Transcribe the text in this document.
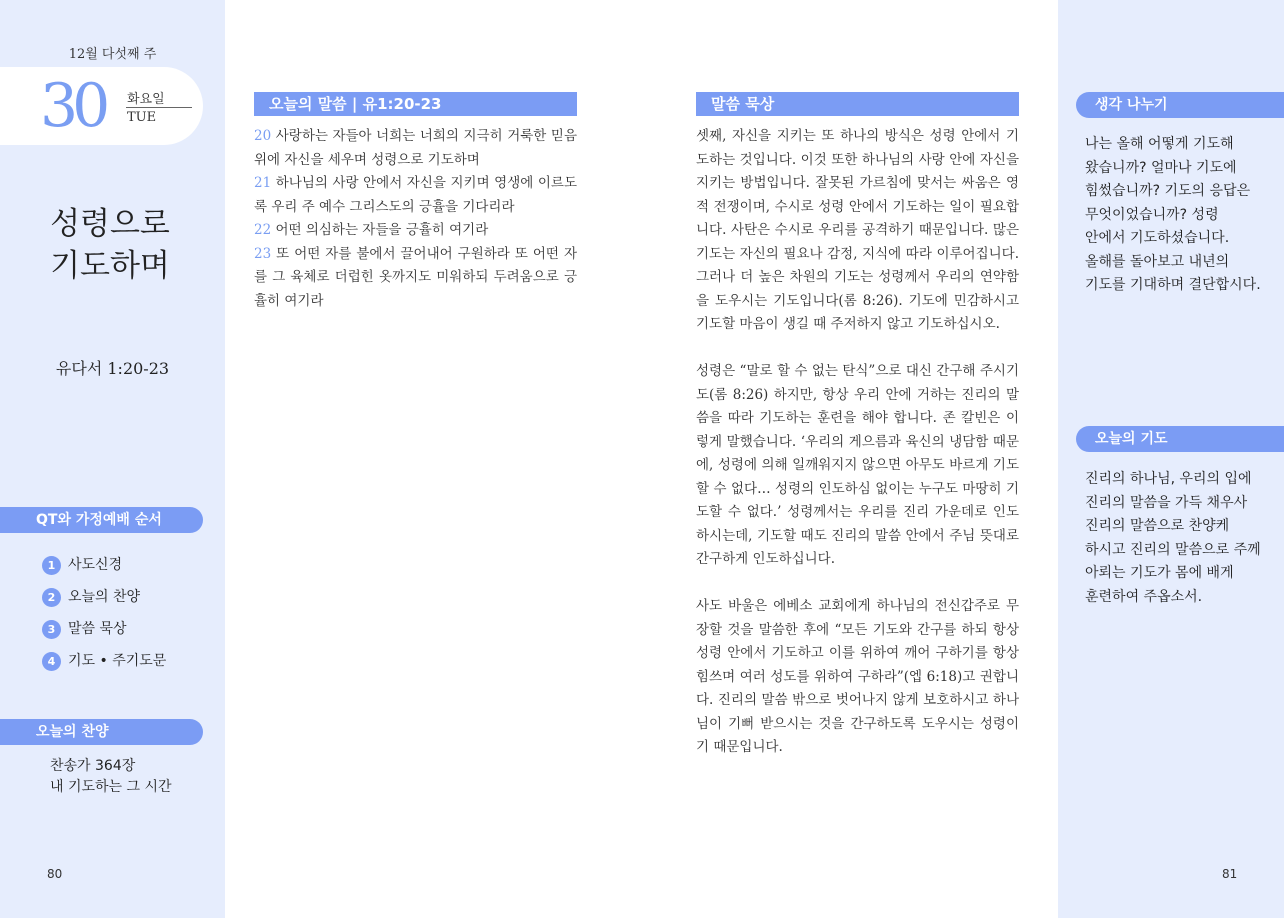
12월 다섯째 주
30 화요일
TUE
성령으로
기도하며
유다서 1:20-23
QT와 가정예배 순서
1 사도신경
2 오늘의 찬양
3 말씀 묵상
4 기도 • 주기도문
오늘의 찬양
찬송가 364장
내 기도하는 그 시간
80
오늘의 말씀 | 유1:20-23
20 사랑하는 자들아 너희는 너희의 지극히 거룩한 믿음 위에 자신을 세우며 성령으로 기도하며
21 하나님의 사랑 안에서 자신을 지키며 영생에 이르도록 우리 주 예수 그리스도의 긍휼을 기다리라
22 어떤 의심하는 자들을 긍휼히 여기라
23 또 어떤 자를 불에서 끌어내어 구원하라 또 어떤 자를 그 육체로 더럽힌 옷까지도 미워하되 두려움으로 긍휼히 여기라
말씀 묵상

셋째, 자신을 지키는 또 하나의 방식은 성령 안에서 기도하는 것입니다. 이것 또한 하나님의 사랑 안에 자신을 지키는 방법입니다. 잘못된 가르침에 맞서는 싸움은 영적 전쟁이며, 수시로 성령 안에서 기도하는 일이 필요합니다. 사탄은 수시로 우리를 공격하기 때문입니다. 많은 기도는 자신의 필요나 감정, 지식에 따라 이루어집니다. 그러나 더 높은 차원의 기도는 성령께서 우리의 연약함을 도우시는 기도입니다(롬 8:26). 기도에 민감하시고 기도할 마음이 생길 때 주저하지 않고 기도하십시오.

성령은 “말로 할 수 없는 탄식”으로 대신 간구해 주시기도(롬 8:26) 하지만, 항상 우리 안에 거하는 진리의 말씀을 따라 기도하는 훈련을 해야 합니다. 존 칼빈은 이렇게 말했습니다. ‘우리의 게으름과 육신의 냉담함 때문에, 성령에 의해 일깨워지지 않으면 아무도 바르게 기도할 수 없다… 성령의 인도하심 없이는 누구도 마땅히 기도할 수 없다.’ 성령께서는 우리를 진리 가운데로 인도하시는데, 기도할 때도 진리의 말씀 안에서 주님 뜻대로 간구하게 인도하십니다.

사도 바울은 에베소 교회에게 하나님의 전신갑주로 무장할 것을 말씀한 후에 “모든 기도와 간구를 하되 항상 성령 안에서 기도하고 이를 위하여 깨어 구하기를 항상 힘쓰며 여러 성도를 위하여 구하라”(엡 6:18)고 권합니다. 진리의 말씀 밖으로 벗어나지 않게 보호하시고 하나님이 기뻐 받으시는 것을 간구하도록 도우시는 성령이기 때문입니다.

생각 나누기
나는 올해 어떻게 기도해
왔습니까? 얼마나 기도에
힘썼습니까? 기도의 응답은
무엇이었습니까? 성령
안에서 기도하셨습니다.
올해를 돌아보고 내년의
기도를 기대하며 결단합시다.
오늘의 기도
진리의 하나님, 우리의 입에
진리의 말씀을 가득 채우사
진리의 말씀으로 찬양케
하시고 진리의 말씀으로 주께
아뢰는 기도가 몸에 배게
훈련하여 주옵소서.
81
